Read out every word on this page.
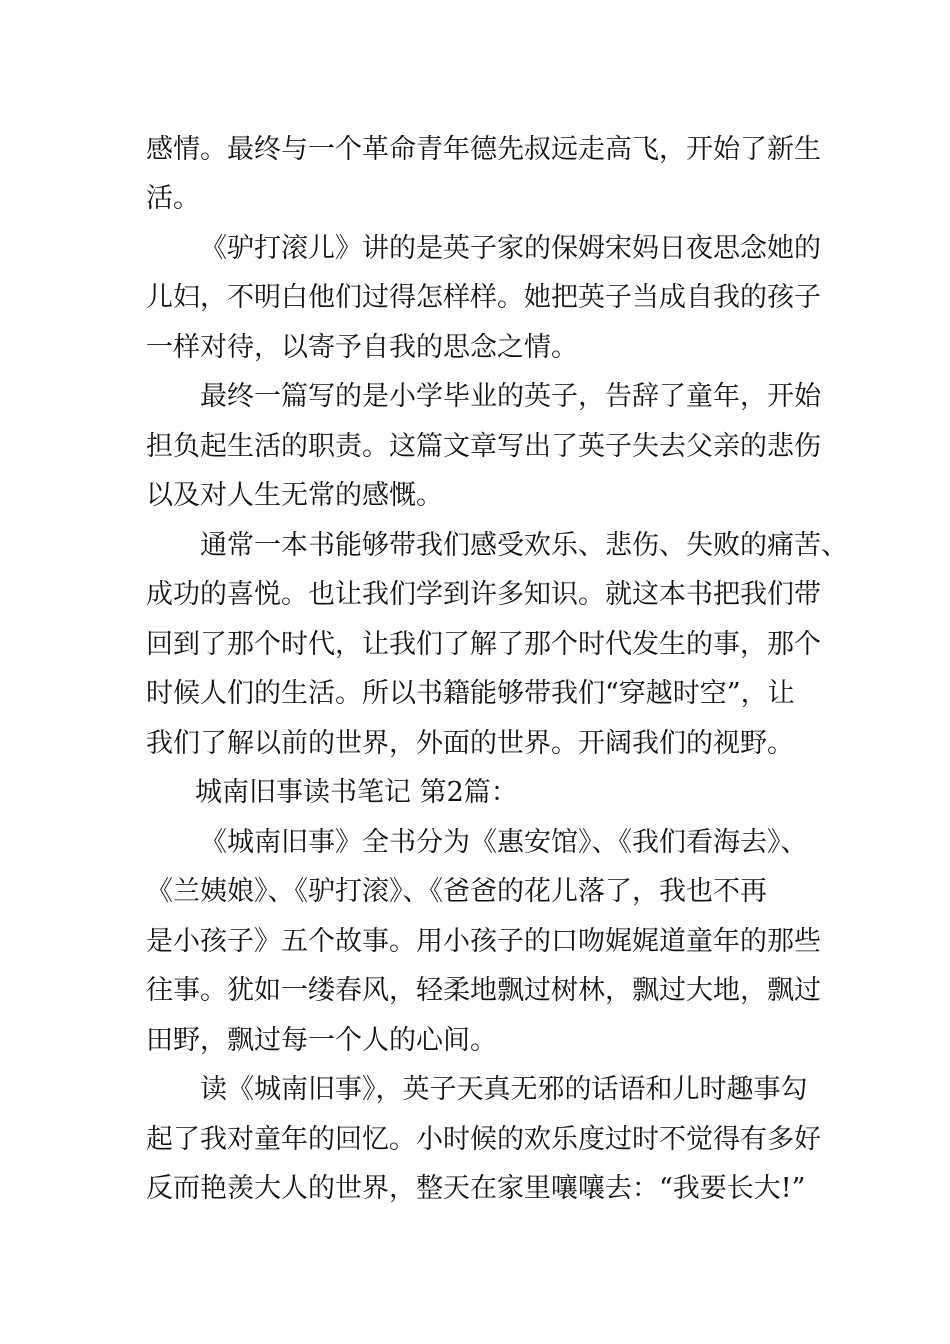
感情。最终与一个革命青年德先叔远走高飞，开始了新生
活。
《驴打滚儿》讲的是英子家的保姆宋妈日夜思念她的
儿妇，不明白他们过得怎样样。她把英子当成自我的孩子
一样对待，以寄予自我的思念之情。
最终一篇写的是小学毕业的英子，告辞了童年，开始
担负起生活的职责。这篇文章写出了英子失去父亲的悲伤
以及对人生无常的感慨。
通常一本书能够带我们感受欢乐、悲伤、失败的痛苦、
成功的喜悦。也让我们学到许多知识。就这本书把我们带
回到了那个时代，让我们了解了那个时代发生的事，那个
时候人们的生活。所以书籍能够带我们“穿越时空”，让
我们了解以前的世界，外面的世界。开阔我们的视野。
城南旧事读书笔记 第2篇：
《城南旧事》全书分为《惠安馆》、《我们看海去》、
《兰姨娘》、《驴打滚》、《爸爸的花儿落了，我也不再
是小孩子》五个故事。用小孩子的口吻娓娓道童年的那些
往事。犹如一缕春风，轻柔地飘过树林，飘过大地，飘过
田野，飘过每一个人的心间。
读《城南旧事》，英子天真无邪的话语和儿时趣事勾
起了我对童年的回忆。小时候的欢乐度过时不觉得有多好
反而艳羡大人的世界，整天在家里嚷嚷去：“我要长大!”
